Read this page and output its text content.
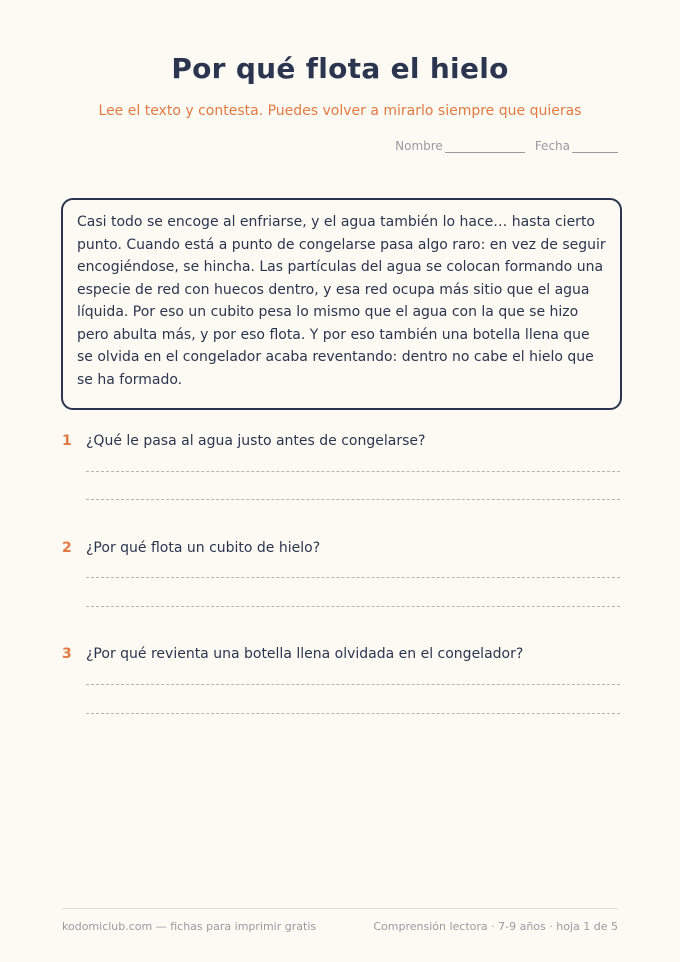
Por qué flota el hielo
Lee el texto y contesta. Puedes volver a mirarlo siempre que quieras
Nombre	Fecha
Casi todo se encoge al enfriarse, y el agua también lo hace… hasta cierto punto. Cuando está a punto de congelarse pasa algo raro: en vez de seguir encogiéndose, se hincha. Las partículas del agua se colocan formando una especie de red con huecos dentro, y esa red ocupa más sitio que el agua líquida. Por eso un cubito pesa lo mismo que el agua con la que se hizo pero abulta más, y por eso flota. Y por eso también una botella llena que se olvida en el congelador acaba reventando: dentro no cabe el hielo que se ha formado.
1 ¿Qué le pasa al agua justo antes de congelarse?
2 ¿Por qué flota un cubito de hielo?
3 ¿Por qué revienta una botella llena olvidada en el congelador?
kodomiclub.com — fichas para imprimir gratis	Comprensión lectora · 7-9 años · hoja 1 de 5
